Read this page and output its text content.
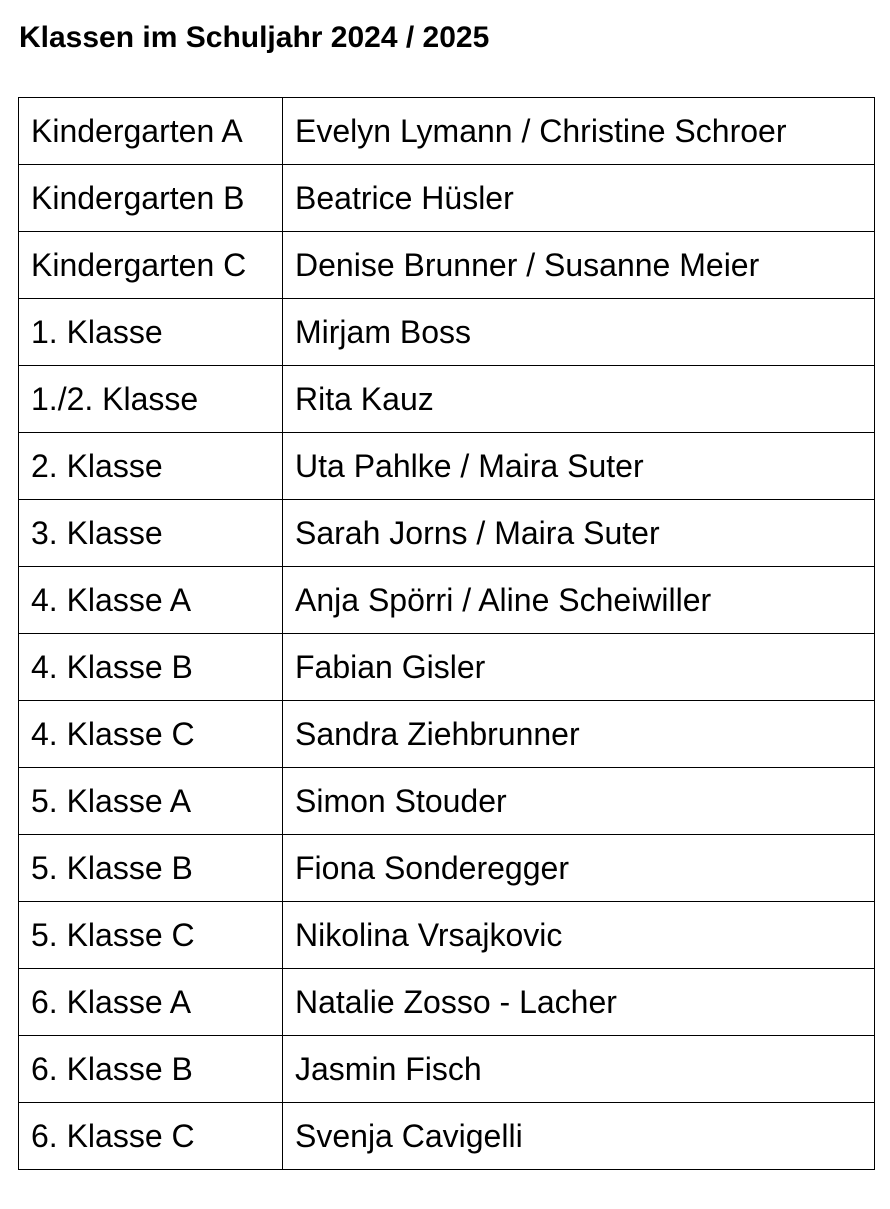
Klassen im Schuljahr 2024 / 2025
Kindergarten A	Evelyn Lymann / Christine Schroer
Kindergarten B	Beatrice Hüsler
Kindergarten C	Denise Brunner / Susanne Meier
1. Klasse	Mirjam Boss
1./2. Klasse	Rita Kauz
2. Klasse	Uta Pahlke / Maira Suter
3. Klasse	Sarah Jorns / Maira Suter
4. Klasse A	Anja Spörri / Aline Scheiwiller
4. Klasse B	Fabian Gisler
4. Klasse C	Sandra Ziehbrunner
5. Klasse A	Simon Stouder
5. Klasse B	Fiona Sonderegger
5. Klasse C	Nikolina Vrsajkovic
6. Klasse A	Natalie Zosso - Lacher
6. Klasse B	Jasmin Fisch
6. Klasse C	Svenja Cavigelli
